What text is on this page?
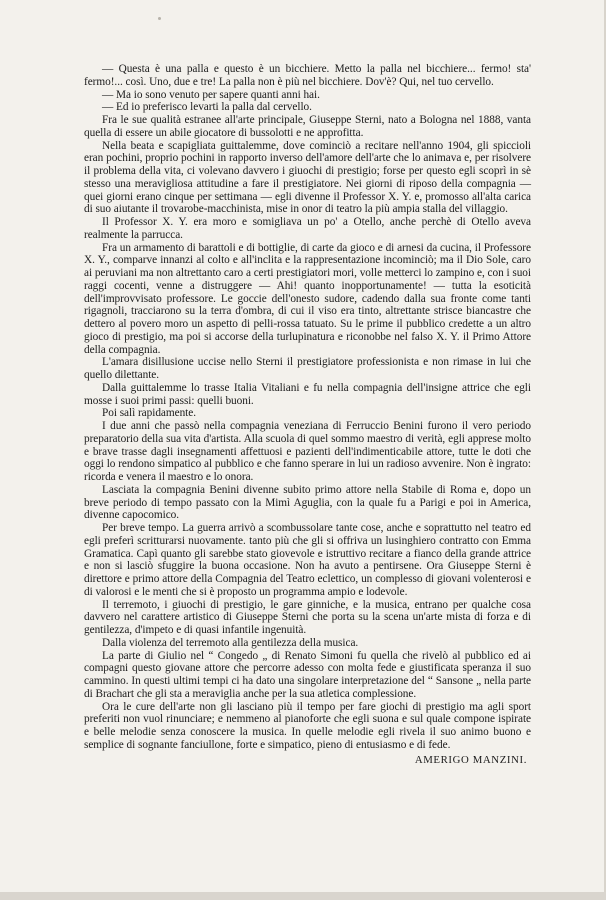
— Questa è una palla e questo è un bicchiere. Metto la palla nel bicchiere... fermo! sta' fermo!... così. Uno, due e tre! La palla non è più nel bicchiere. Dov'è? Qui, nel tuo cervello.

— Ma io sono venuto per sapere quanti anni hai.

— Ed io preferisco levarti la palla dal cervello.

Fra le sue qualità estranee all'arte principale, Giuseppe Sterni, nato a Bologna nel 1888, vanta quella di essere un abile giocatore di bussolotti e ne approfitta.

Nella beata e scapigliata guittalemme, dove cominciò a recitare nell'anno 1904, gli spiccioli eran pochini, proprio pochini in rapporto inverso dell'amore dell'arte che lo animava e, per risolvere il problema della vita, ci volevano davvero i giuochi di prestigio; forse per questo egli scoprì in sè stesso una meravigliosa attitudine a fare il prestigiatore. Nei giorni di riposo della compagnia — quei giorni erano cinque per settimana — egli divenne il Professor X. Y. e, promosso all'alta carica di suo aiutante il trovarobe-macchinista, mise in onor di teatro la più ampia stalla del villaggio.

Il Professor X. Y. era moro e somigliava un po' a Otello, anche perchè di Otello aveva realmente la parrucca.

Fra un armamento di barattoli e di bottiglie, di carte da gioco e di arnesi da cucina, il Professore X. Y., comparve innanzi al colto e all'inclita e la rappresentazione incominciò; ma il Dio Sole, caro ai peruviani ma non altrettanto caro a certi prestigiatori mori, volle metterci lo zampino e, con i suoi raggi cocenti, venne a distruggere — Ahi! quanto inopportunamente! — tutta la esoticità dell'improvvisato professore. Le goccie dell'onesto sudore, cadendo dalla sua fronte come tanti rigagnoli, tracciarono su la terra d'ombra, di cui il viso era tinto, altrettante strisce biancastre che dettero al povero moro un aspetto di pelli-rossa tatuato. Su le prime il pubblico credette a un altro gioco di prestigio, ma poi si accorse della turlupinatura e riconobbe nel falso X. Y. il Primo Attore della compagnia.

L'amara disillusione uccise nello Sterni il prestigiatore professionista e non rimase in lui che quello dilettante.

Dalla guittalemme lo trasse Italia Vitaliani e fu nella compagnia dell'insigne attrice che egli mosse i suoi primi passi: quelli buoni.

Poi salì rapidamente.

I due anni che passò nella compagnia veneziana di Ferruccio Benini furono il vero periodo preparatorio della sua vita d'artista. Alla scuola di quel sommo maestro di verità, egli apprese molto e brave trasse dagli insegnamenti affettuosi e pazienti dell'indimenticabile attore, tutte le doti che oggi lo rendono simpatico al pubblico e che fanno sperare in lui un radioso avvenire. Non è ingrato: ricorda e venera il maestro e lo onora.

Lasciata la compagnia Benini divenne subito primo attore nella Stabile di Roma e, dopo un breve periodo di tempo passato con la Mimì Aguglia, con la quale fu a Parigi e poi in America, divenne capocomico.

Per breve tempo. La guerra arrivò a scombussolare tante cose, anche e soprattutto nel teatro ed egli preferì scritturarsi nuovamente. tanto più che gli si offriva un lusinghiero contratto con Emma Gramatica. Capì quanto gli sarebbe stato giovevole e istruttivo recitare a fianco della grande attrice e non si lasciò sfuggire la buona occasione. Non ha avuto a pentirsene. Ora Giuseppe Sterni è direttore e primo attore della Compagnia del Teatro eclettico, un complesso di giovani volenterosi e di valorosi e le menti che si è proposto un programma ampio e lodevole.

Il terremoto, i giuochi di prestigio, le gare ginniche, e la musica, entrano per qualche cosa davvero nel carattere artistico di Giuseppe Sterni che porta su la scena un'arte mista di forza e di gentilezza, d'impeto e di quasi infantile ingenuità.

Dalla violenza del terremoto alla gentilezza della musica.

La parte di Giulio nel “ Congedo „ di Renato Simoni fu quella che rivelò al pubblico ed ai compagni questo giovane attore che percorre adesso con molta fede e giustificata speranza il suo cammino. In questi ultimi tempi ci ha dato una singolare interpretazione del “ Sansone „ nella parte di Brachart che gli sta a meraviglia anche per la sua atletica complessione.

Ora le cure dell'arte non gli lasciano più il tempo per fare giochi di prestigio ma agli sport preferiti non vuol rinunciare; e nemmeno al pianoforte che egli suona e sul quale compone ispirate e belle melodie senza conoscere la musica. In quelle melodie egli rivela il suo animo buono e semplice di sognante fanciullone, forte e simpatico, pieno di entusiasmo e di fede.

AMERIGO MANZINI.
